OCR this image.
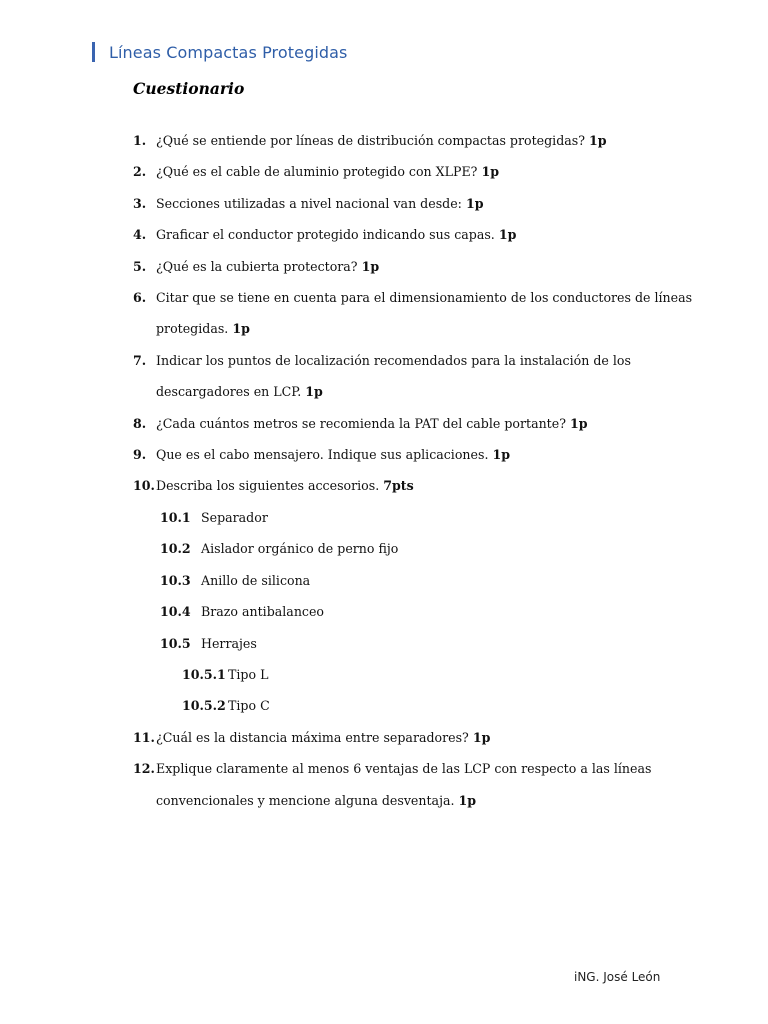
Líneas Compactas Protegidas
Cuestionario
1. ¿Qué se entiende por líneas de distribución compactas protegidas? 1p
2. ¿Qué es el cable de aluminio protegido con XLPE? 1p
3. Secciones utilizadas a nivel nacional van desde: 1p
4. Graficar el conductor protegido indicando sus capas. 1p
5. ¿Qué es la cubierta protectora? 1p
6. Citar que se tiene en cuenta para el dimensionamiento de los conductores de líneas protegidas. 1p
7. Indicar los puntos de localización recomendados para la instalación de los descargadores en LCP. 1p
8. ¿Cada cuántos metros se recomienda la PAT del cable portante? 1p
9. Que es el cabo mensajero. Indique sus aplicaciones. 1p
10. Describa los siguientes accesorios. 7pts
10.1 Separador
10.2 Aislador orgánico de perno fijo
10.3 Anillo de silicona
10.4 Brazo antibalanceo
10.5 Herrajes
10.5.1 Tipo L
10.5.2 Tipo C
11. ¿Cuál es la distancia máxima entre separadores? 1p
12. Explique claramente al menos 6 ventajas de las LCP con respecto a las líneas convencionales y mencione alguna desventaja. 1p
iNG. José León
